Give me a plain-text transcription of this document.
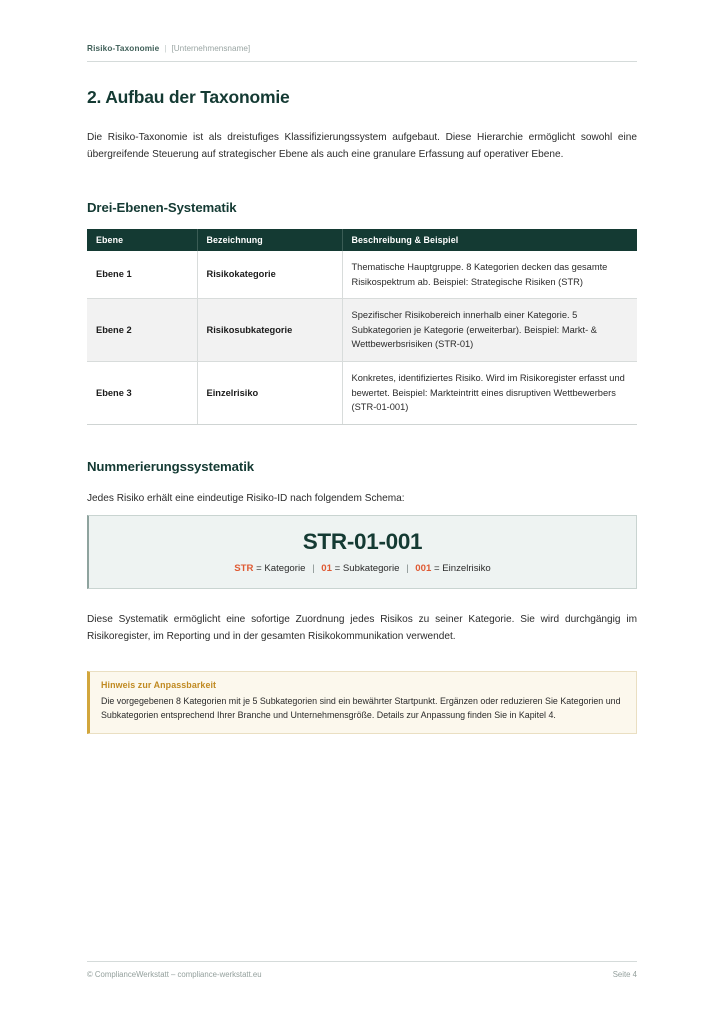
Risiko-Taxonomie | [Unternehmensname]
2. Aufbau der Taxonomie
Die Risiko-Taxonomie ist als dreistufiges Klassifizierungssystem aufgebaut. Diese Hierarchie ermöglicht sowohl eine übergreifende Steuerung auf strategischer Ebene als auch eine granulare Erfassung auf operativer Ebene.
Drei-Ebenen-Systematik
Ebene	Bezeichnung	Beschreibung & Beispiel
Ebene 1	Risikokategorie	Thematische Hauptgruppe. 8 Kategorien decken das gesamte Risikospektrum ab. Beispiel: Strategische Risiken (STR)
Ebene 2	Risikosubkategorie	Spezifischer Risikobereich innerhalb einer Kategorie. 5 Subkategorien je Kategorie (erweiterbar). Beispiel: Markt- & Wettbewerbsrisiken (STR-01)
Ebene 3	Einzelrisiko	Konkretes, identifiziertes Risiko. Wird im Risikoregister erfasst und bewertet. Beispiel: Markteintritt eines disruptiven Wettbewerbers (STR-01-001)
Nummerierungssystematik
Jedes Risiko erhält eine eindeutige Risiko-ID nach folgendem Schema:
STR-01-001
STR = Kategorie | 01 = Subkategorie | 001 = Einzelrisiko
Diese Systematik ermöglicht eine sofortige Zuordnung jedes Risikos zu seiner Kategorie. Sie wird durchgängig im Risikoregister, im Reporting und in der gesamten Risikokommunikation verwendet.
Hinweis zur Anpassbarkeit
Die vorgegebenen 8 Kategorien mit je 5 Subkategorien sind ein bewährter Startpunkt. Ergänzen oder reduzieren Sie Kategorien und Subkategorien entsprechend Ihrer Branche und Unternehmensgröße. Details zur Anpassung finden Sie in Kapitel 4.
© ComplianceWerkstatt – compliance-werkstatt.eu	Seite 4
